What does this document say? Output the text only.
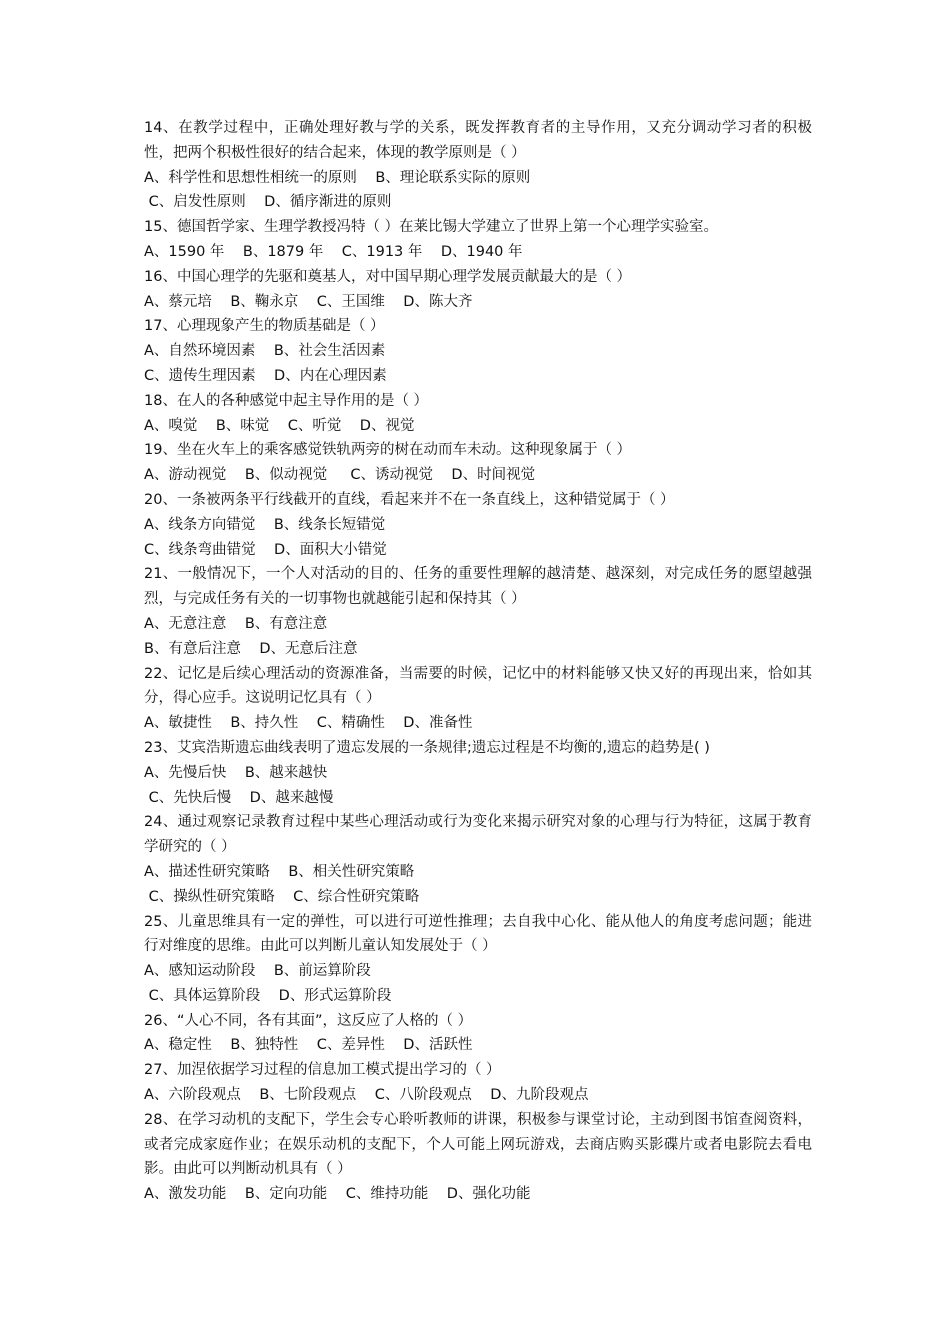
14、在教学过程中，正确处理好教与学的关系，既发挥教育者的主导作用，又充分调动学习者的积极性，把两个积极性很好的结合起来，体现的教学原则是（ ）

A、科学性和思想性相统一的原则    B、理论联系实际的原则

C、启发性原则    D、循序渐进的原则

15、德国哲学家、生理学教授冯特（ ）在莱比锡大学建立了世界上第一个心理学实验室。

A、1590 年    B、1879 年    C、1913 年    D、1940 年

16、中国心理学的先驱和奠基人，对中国早期心理学发展贡献最大的是（ ）

A、蔡元培    B、鞠永京    C、王国维    D、陈大齐

17、心理现象产生的物质基础是（ ）

A、自然环境因素    B、社会生活因素

C、遗传生理因素    D、内在心理因素

18、在人的各种感觉中起主导作用的是（ ）

A、嗅觉    B、味觉    C、听觉    D、视觉

19、坐在火车上的乘客感觉铁轨两旁的树在动而车未动。这种现象属于（ ）

A、游动视觉    B、似动视觉     C、诱动视觉    D、时间视觉

20、一条被两条平行线截开的直线，看起来并不在一条直线上，这种错觉属于（ ）

A、线条方向错觉    B、线条长短错觉

C、线条弯曲错觉    D、面积大小错觉

21、一般情况下，一个人对活动的目的、任务的重要性理解的越清楚、越深刻，对完成任务的愿望越强烈，与完成任务有关的一切事物也就越能引起和保持其（ ）

A、无意注意    B、有意注意

B、有意后注意    D、无意后注意

22、记忆是后续心理活动的资源准备，当需要的时候，记忆中的材料能够又快又好的再现出来，恰如其分，得心应手。这说明记忆具有（ ）

A、敏捷性    B、持久性    C、精确性    D、准备性

23、艾宾浩斯遗忘曲线表明了遗忘发展的一条规律;遗忘过程是不均衡的,遗忘的趋势是( )

A、先慢后快    B、越来越快

C、先快后慢    D、越来越慢

24、通过观察记录教育过程中某些心理活动或行为变化来揭示研究对象的心理与行为特征，这属于教育学研究的（ ）

A、描述性研究策略    B、相关性研究策略

C、操纵性研究策略    C、综合性研究策略

25、儿童思维具有一定的弹性，可以进行可逆性推理；去自我中心化、能从他人的角度考虑问题；能进行对维度的思维。由此可以判断儿童认知发展处于（ ）

A、感知运动阶段    B、前运算阶段

C、具体运算阶段    D、形式运算阶段

26、“人心不同，各有其面”，这反应了人格的（ ）

A、稳定性    B、独特性    C、差异性    D、活跃性

27、加涅依据学习过程的信息加工模式提出学习的（ ）

A、六阶段观点    B、七阶段观点    C、八阶段观点    D、九阶段观点

28、在学习动机的支配下，学生会专心聆听教师的讲课，积极参与课堂讨论，主动到图书馆查阅资料，或者完成家庭作业；在娱乐动机的支配下，个人可能上网玩游戏，去商店购买影碟片或者电影院去看电影。由此可以判断动机具有（ ）

A、激发功能    B、定向功能    C、维持功能    D、强化功能
